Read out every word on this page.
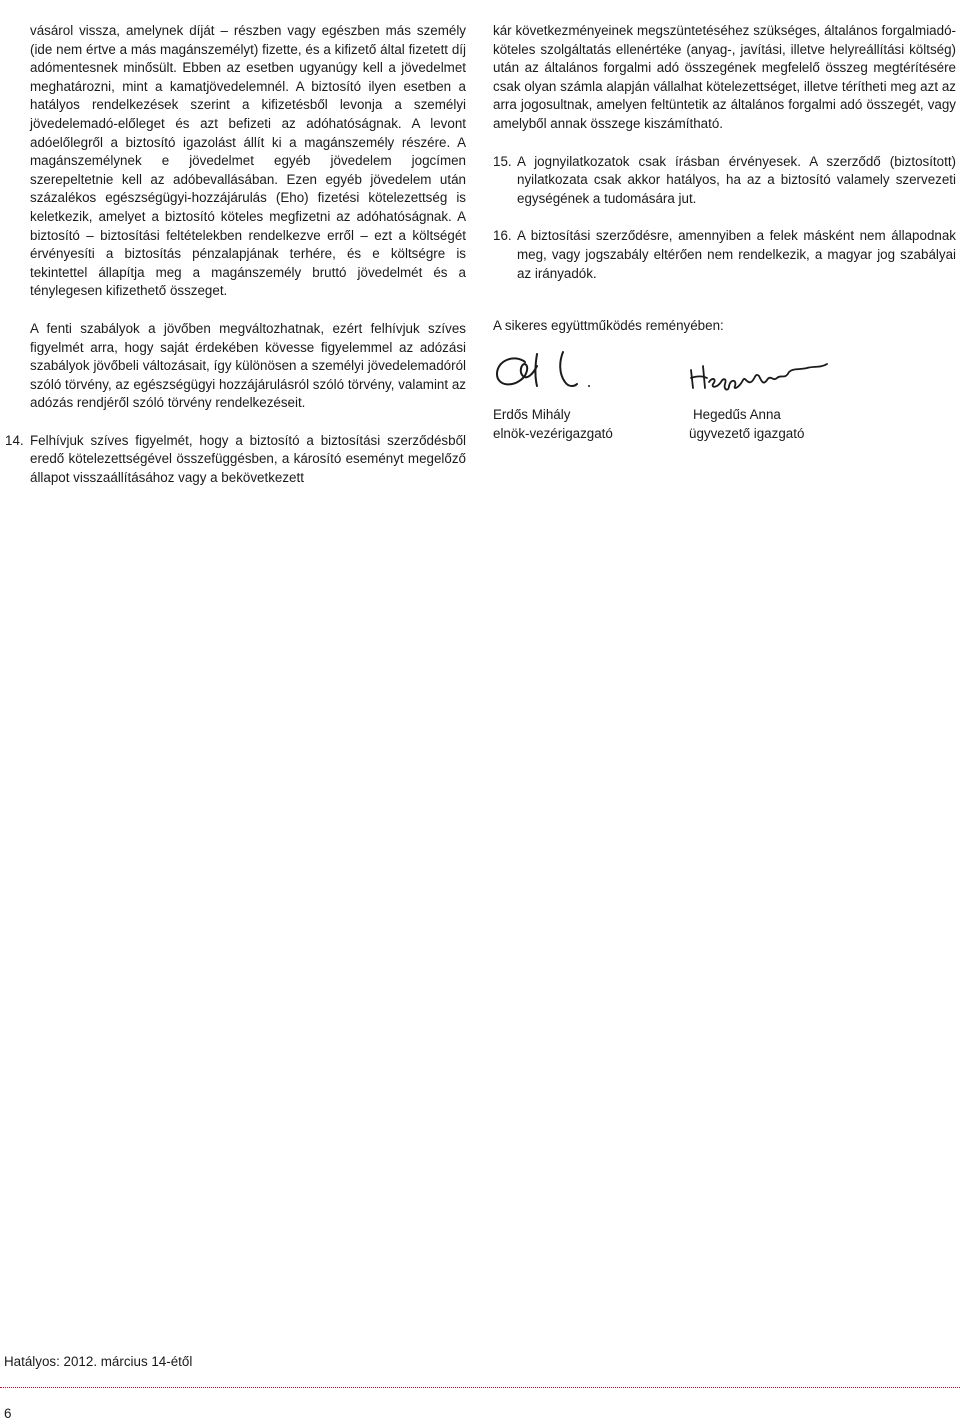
vásárol vissza, amelynek díját – részben vagy egészben más személy (ide nem értve a más magánszemélyt) fizette, és a kifizető által fizetett díj adómentesnek minősült. Ebben az esetben ugyanúgy kell a jövedelmet meghatározni, mint a kamatjövedelemnél. A biztosító ilyen esetben a hatályos rendelkezések szerint a kifizetésből levonja a személyi jövedelemadó-előleget és azt befizeti az adóhatóságnak. A levont adóelőlegről a biztosító igazolást állít ki a magánszemély részére. A magánszemélynek e jövedelmet egyéb jövedelem jogcímen szerepeltetnie kell az adóbevallásában. Ezen egyéb jövedelem után százalékos egészségügyi-hozzájárulás (Eho) fizetési kötelezettség is keletkezik, amelyet a biztosító köteles megfizetni az adóhatóságnak. A biztosító – biztosítási feltételekben rendelkezve erről – ezt a költségét érvényesíti a biztosítás pénzalapjának terhére, és e költségre is tekintettel állapítja meg a magánszemély bruttó jövedelmét és a ténylegesen kifizethető összeget.

A fenti szabályok a jövőben megváltozhatnak, ezért felhívjuk szíves figyelmét arra, hogy saját érdekében kövesse figyelemmel az adózási szabályok jövőbeli változásait, így különösen a személyi jövedelemadóról szóló törvény, az egészségügyi hozzájárulásról szóló törvény, valamint az adózás rendjéről szóló törvény rendelkezéseit.

14. Felhívjuk szíves figyelmét, hogy a biztosító a biztosítási szerződésből eredő kötelezettségével összefüggésben, a károsító eseményt megelőző állapot visszaállításához vagy a bekövetkezett

kár következményeinek megszüntetéséhez szükséges, általános forgalmiadó-köteles szolgáltatás ellenértéke (anyag-, javítási, illetve helyreállítási költség) után az általános forgalmi adó összegének megfelelő összeg megtérítésére csak olyan számla alapján vállalhat kötelezettséget, illetve térítheti meg azt az arra jogosultnak, amelyen feltüntetik az általános forgalmi adó összegét, vagy amelyből annak összege kiszámítható.

15. A jognyilatkozatok csak írásban érvényesek. A szerződő (biztosított) nyilatkozata csak akkor hatályos, ha az a biztosító valamely szervezeti egységének a tudomására jut.
16. A biztosítási szerződésre, amennyiben a felek másként nem állapodnak meg, vagy jogszabály eltérően nem rendelkezik, a magyar jog szabályai az irányadók.

A sikeres együttműködés reményében:

Erdős Mihály
elnök-vezérigazgató
Hegedűs Anna
ügyvezető igazgató
Hatályos: 2012. március 14-étől
6
